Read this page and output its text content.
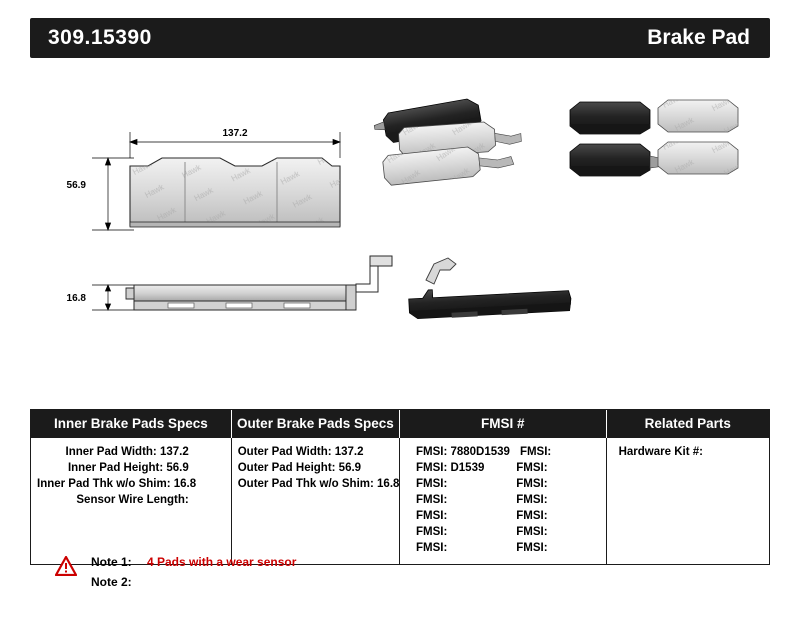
309.15390	Brake Pad
137.2
56.9
16.8
Inner Brake Pads Specs	Outer Brake Pads Specs	FMSI #	Related Parts
Inner Pad Width: 137.2
Inner Pad Height: 56.9
Inner Pad Thk w/o Shim: 16.8
Sensor Wire Length:
Outer Pad Width: 137.2
Outer Pad Height: 56.9
Outer Pad Thk w/o Shim: 16.8
FMSI: 7880D1539 FMSI:
FMSI: D1539	FMSI:
FMSI:	FMSI:
FMSI:	FMSI:
FMSI:	FMSI:
FMSI:	FMSI:
FMSI:	FMSI:
Hardware Kit #:
Note 1:	4 Pads with a wear sensor
Note 2:
